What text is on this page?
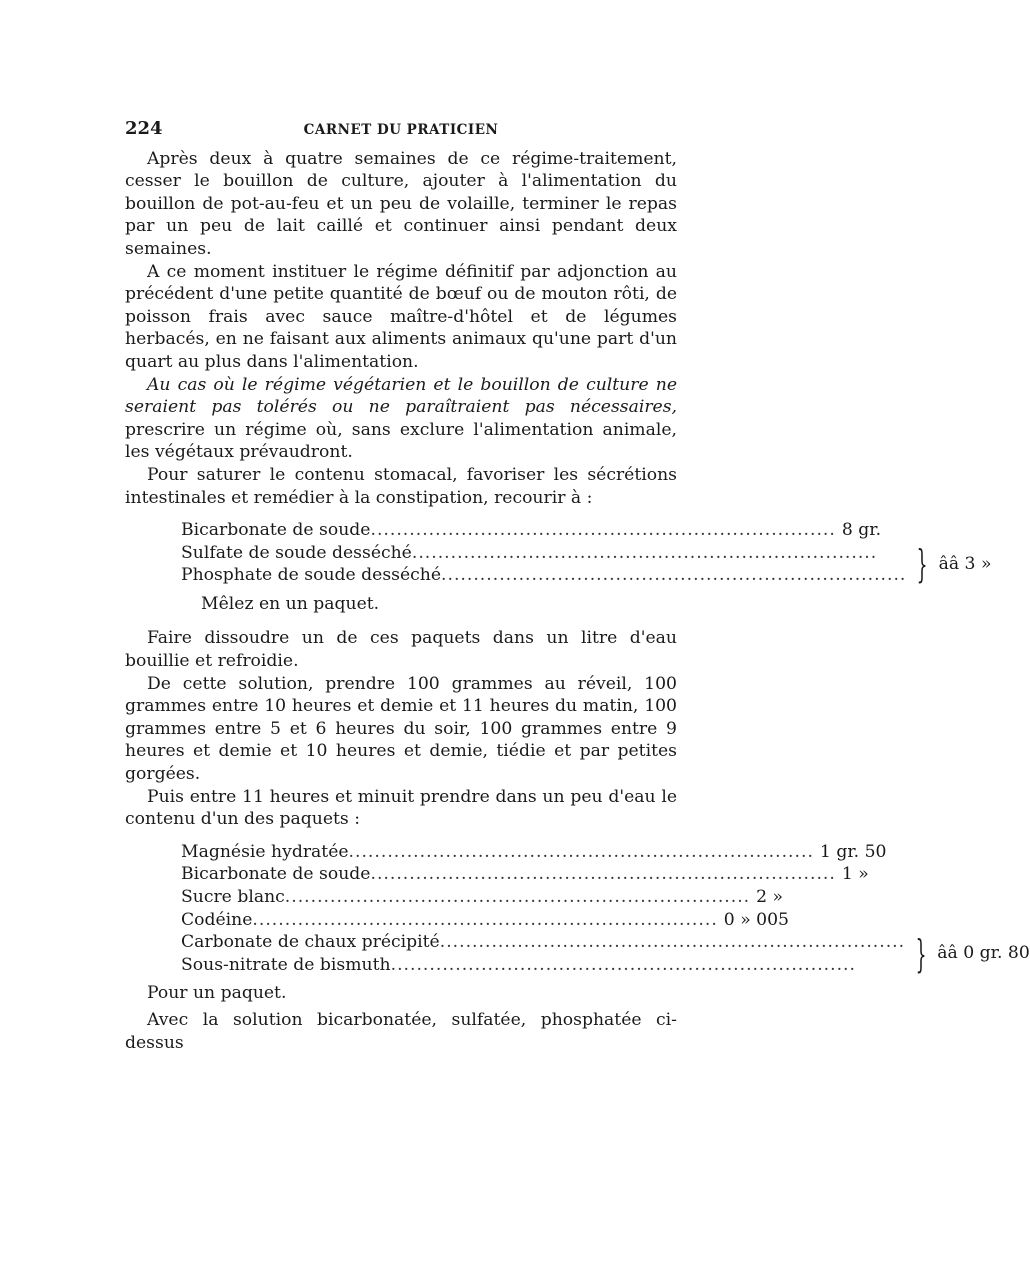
224	CARNET DU PRATICIEN

Après deux à quatre semaines de ce régime-traitement, cesser le bouillon de culture, ajouter à l'alimentation du bouillon de pot-au-feu et un peu de volaille, terminer le repas par un peu de lait caillé et continuer ainsi pendant deux semaines.

A ce moment instituer le régime définitif par adjonction au précédent d'une petite quantité de bœuf ou de mouton rôti, de poisson frais avec sauce maître-d'hôtel et de légumes herbacés, en ne faisant aux aliments animaux qu'une part d'un quart au plus dans l'alimentation.

Au cas où le régime végétarien et le bouillon de culture ne seraient pas tolérés ou ne paraîtraient pas nécessaires, prescrire un régime où, sans exclure l'alimentation animale, les végétaux prévaudront.

Pour saturer le contenu stomacal, favoriser les sécrétions intestinales et remédier à la constipation, recourir à :

Bicarbonate de soude .....	8 gr.
Sulfate de soude desséché
.....
Phosphate de soude desséché .....	} ââ 3 »
Mêlez en un paquet.

Faire dissoudre un de ces paquets dans un litre d'eau bouillie et refroidie.

De cette solution, prendre 100 grammes au réveil, 100 grammes entre 10 heures et demie et 11 heures du matin, 100 grammes entre 5 et 6 heures du soir, 100 grammes entre 9 heures et demie et 10 heures et demie, tiédie et par petites gorgées.

Puis entre 11 heures et minuit prendre dans un peu d'eau le contenu d'un des paquets :

Magnésie hydratée .....	1 gr. 50
Bicarbonate de soude .....	1 »
Sucre blanc .....	2 »
Codéine .....	0 » 005
Carbonate de chaux précipité
.....
Sous-nitrate de bismuth .....	} ââ 0 gr. 80
Pour un paquet.

Avec la solution bicarbonatée, sulfatée, phosphatée ci-dessus
